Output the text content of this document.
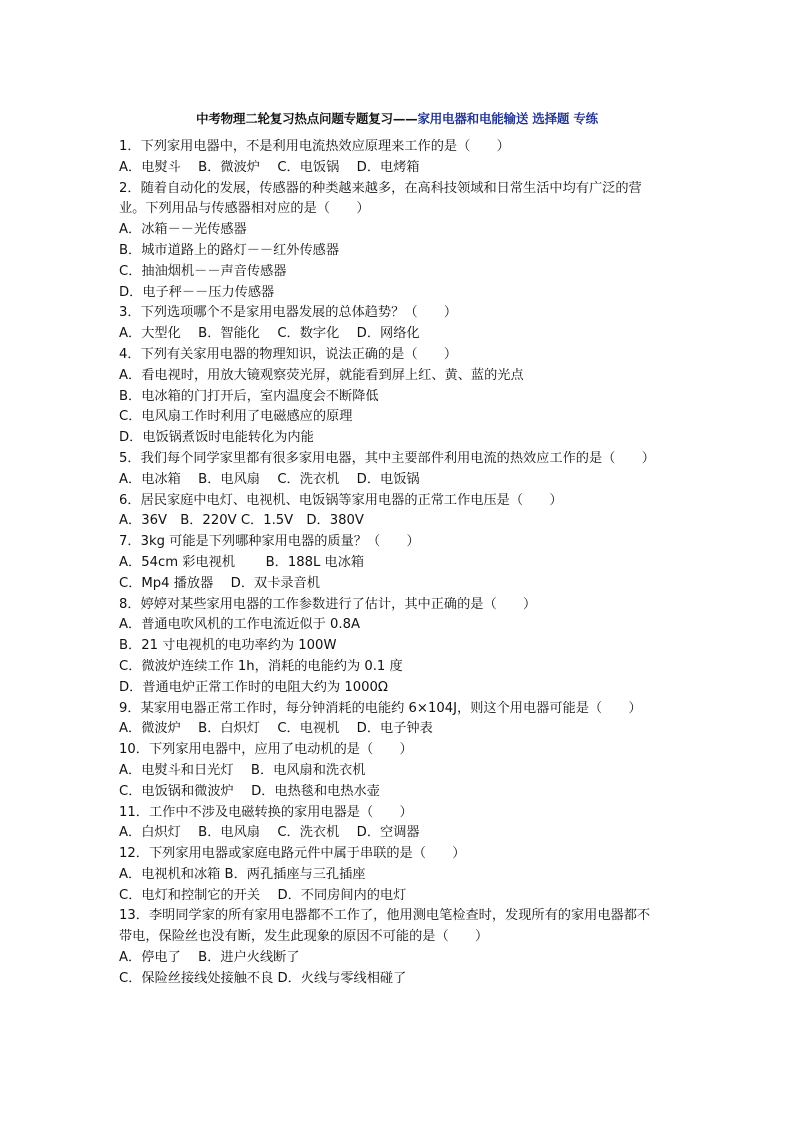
中考物理二轮复习热点问题专题复习——家用电器和电能输送 选择题 专练
1．下列家用电器中，不是利用电流热效应原理来工作的是（　　）
A．电熨斗　 B．微波炉　 C．电饭锅　 D．电烤箱
2．随着自动化的发展，传感器的种类越来越多，在高科技领域和日常生活中均有广泛的营
业。下列用品与传感器相对应的是（　　）
A．冰箱－－光传感器
B．城市道路上的路灯－－红外传感器
C．抽油烟机－－声音传感器
D．电子秤－－压力传感器
3．下列选项哪个不是家用电器发展的总体趋势？（　　）
A．大型化　 B．智能化　 C．数字化　 D．网络化
4．下列有关家用电器的物理知识，说法正确的是（　　）
A．看电视时，用放大镜观察荧光屏，就能看到屏上红、黄、蓝的光点
B．电冰箱的门打开后，室内温度会不断降低
C．电风扇工作时利用了电磁感应的原理
D．电饭锅煮饭时电能转化为内能
5．我们每个同学家里都有很多家用电器，其中主要部件利用电流的热效应工作的是（　　）
A．电冰箱　 B．电风扇　 C．洗衣机　 D．电饭锅
6．居民家庭中电灯、电视机、电饭锅等家用电器的正常工作电压是（　　）
A．36V　B．220V C．1.5V　D．380V
7．3kg 可能是下列哪种家用电器的质量？（　　）
A．54cm 彩电视机　　 B．188L 电冰箱
C．Mp4 播放器　 D．双卡录音机
8．婷婷对某些家用电器的工作参数进行了估计，其中正确的是（　　）
A．普通电吹风机的工作电流近似于 0.8A
B．21 寸电视机的电功率约为 100W
C．微波炉连续工作 1h，消耗的电能约为 0.1 度
D．普通电炉正常工作时的电阻大约为 1000Ω
9．某家用电器正常工作时，每分钟消耗的电能约 6×104J，则这个用电器可能是（　　）
A．微波炉　 B．白炽灯　 C．电视机　 D．电子钟表
10．下列家用电器中，应用了电动机的是（　　）
A．电熨斗和日光灯　 B．电风扇和洗衣机
C．电饭锅和微波炉　 D．电热毯和电热水壶
11．工作中不涉及电磁转换的家用电器是（　　）
A．白炽灯　 B．电风扇　 C．洗衣机　 D．空调器
12．下列家用电器或家庭电路元件中属于串联的是（　　）
A．电视机和冰箱 B．两孔插座与三孔插座
C．电灯和控制它的开关　 D．不同房间内的电灯
13．李明同学家的所有家用电器都不工作了，他用测电笔检查时，发现所有的家用电器都不
带电，保险丝也没有断，发生此现象的原因不可能的是（　　）
A．停电了　 B．进户火线断了
C．保险丝接线处接触不良 D．火线与零线相碰了
